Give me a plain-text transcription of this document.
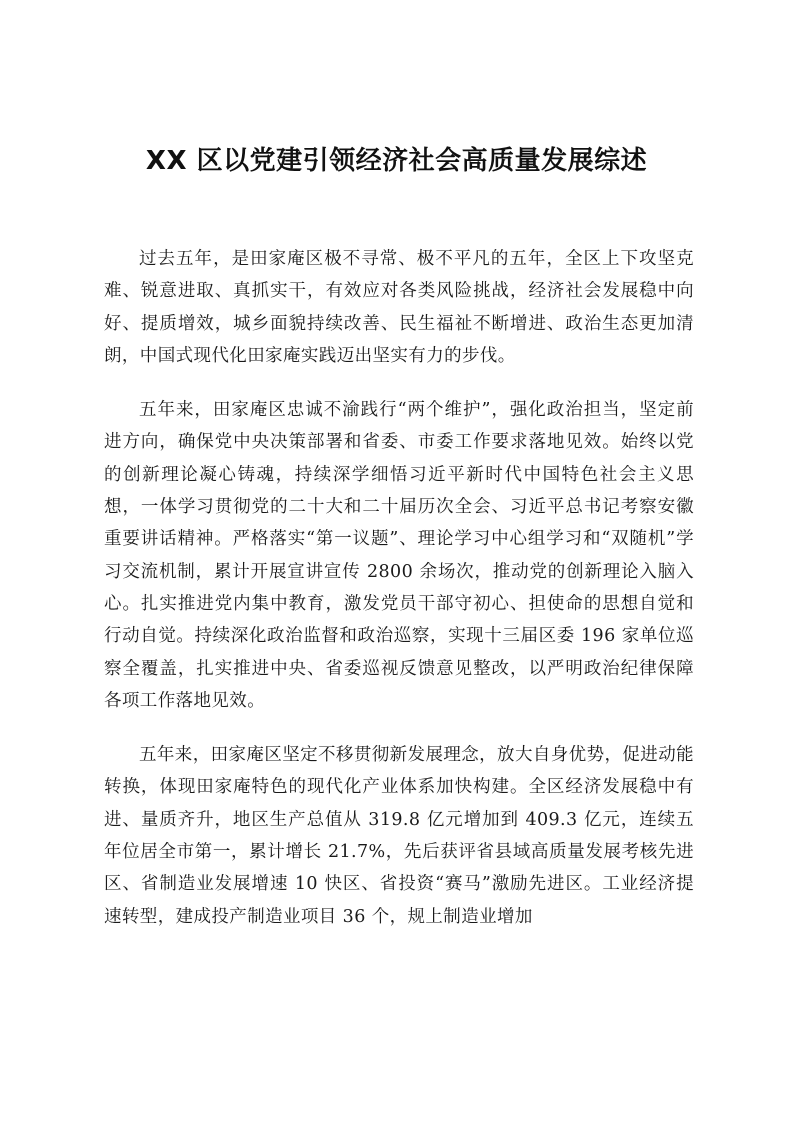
XX 区以党建引领经济社会高质量发展综述

过去五年，是田家庵区极不寻常、极不平凡的五年，全区上下攻坚克难、锐意进取、真抓实干，有效应对各类风险挑战，经济社会发展稳中向好、提质增效，城乡面貌持续改善、民生福祉不断增进、政治生态更加清朗，中国式现代化田家庵实践迈出坚实有力的步伐。

五年来，田家庵区忠诚不渝践行“两个维护”，强化政治担当，坚定前进方向，确保党中央决策部署和省委、市委工作要求落地见效。始终以党的创新理论凝心铸魂，持续深学细悟习近平新时代中国特色社会主义思想，一体学习贯彻党的二十大和二十届历次全会、习近平总书记考察安徽重要讲话精神。严格落实“第一议题”、理论学习中心组学习和“双随机”学习交流机制，累计开展宣讲宣传 2800 余场次，推动党的创新理论入脑入心。扎实推进党内集中教育，激发党员干部守初心、担使命的思想自觉和行动自觉。持续深化政治监督和政治巡察，实现十三届区委 196 家单位巡察全覆盖，扎实推进中央、省委巡视反馈意见整改，以严明政治纪律保障各项工作落地见效。

五年来，田家庵区坚定不移贯彻新发展理念，放大自身优势，促进动能转换，体现田家庵特色的现代化产业体系加快构建。全区经济发展稳中有进、量质齐升，地区生产总值从 319.8 亿元增加到 409.3 亿元，连续五年位居全市第一，累计增长 21.7%，先后获评省县域高质量发展考核先进区、省制造业发展增速 10 快区、省投资“赛马”激励先进区。工业经济提速转型，建成投产制造业项目 36 个，规上制造业增加
